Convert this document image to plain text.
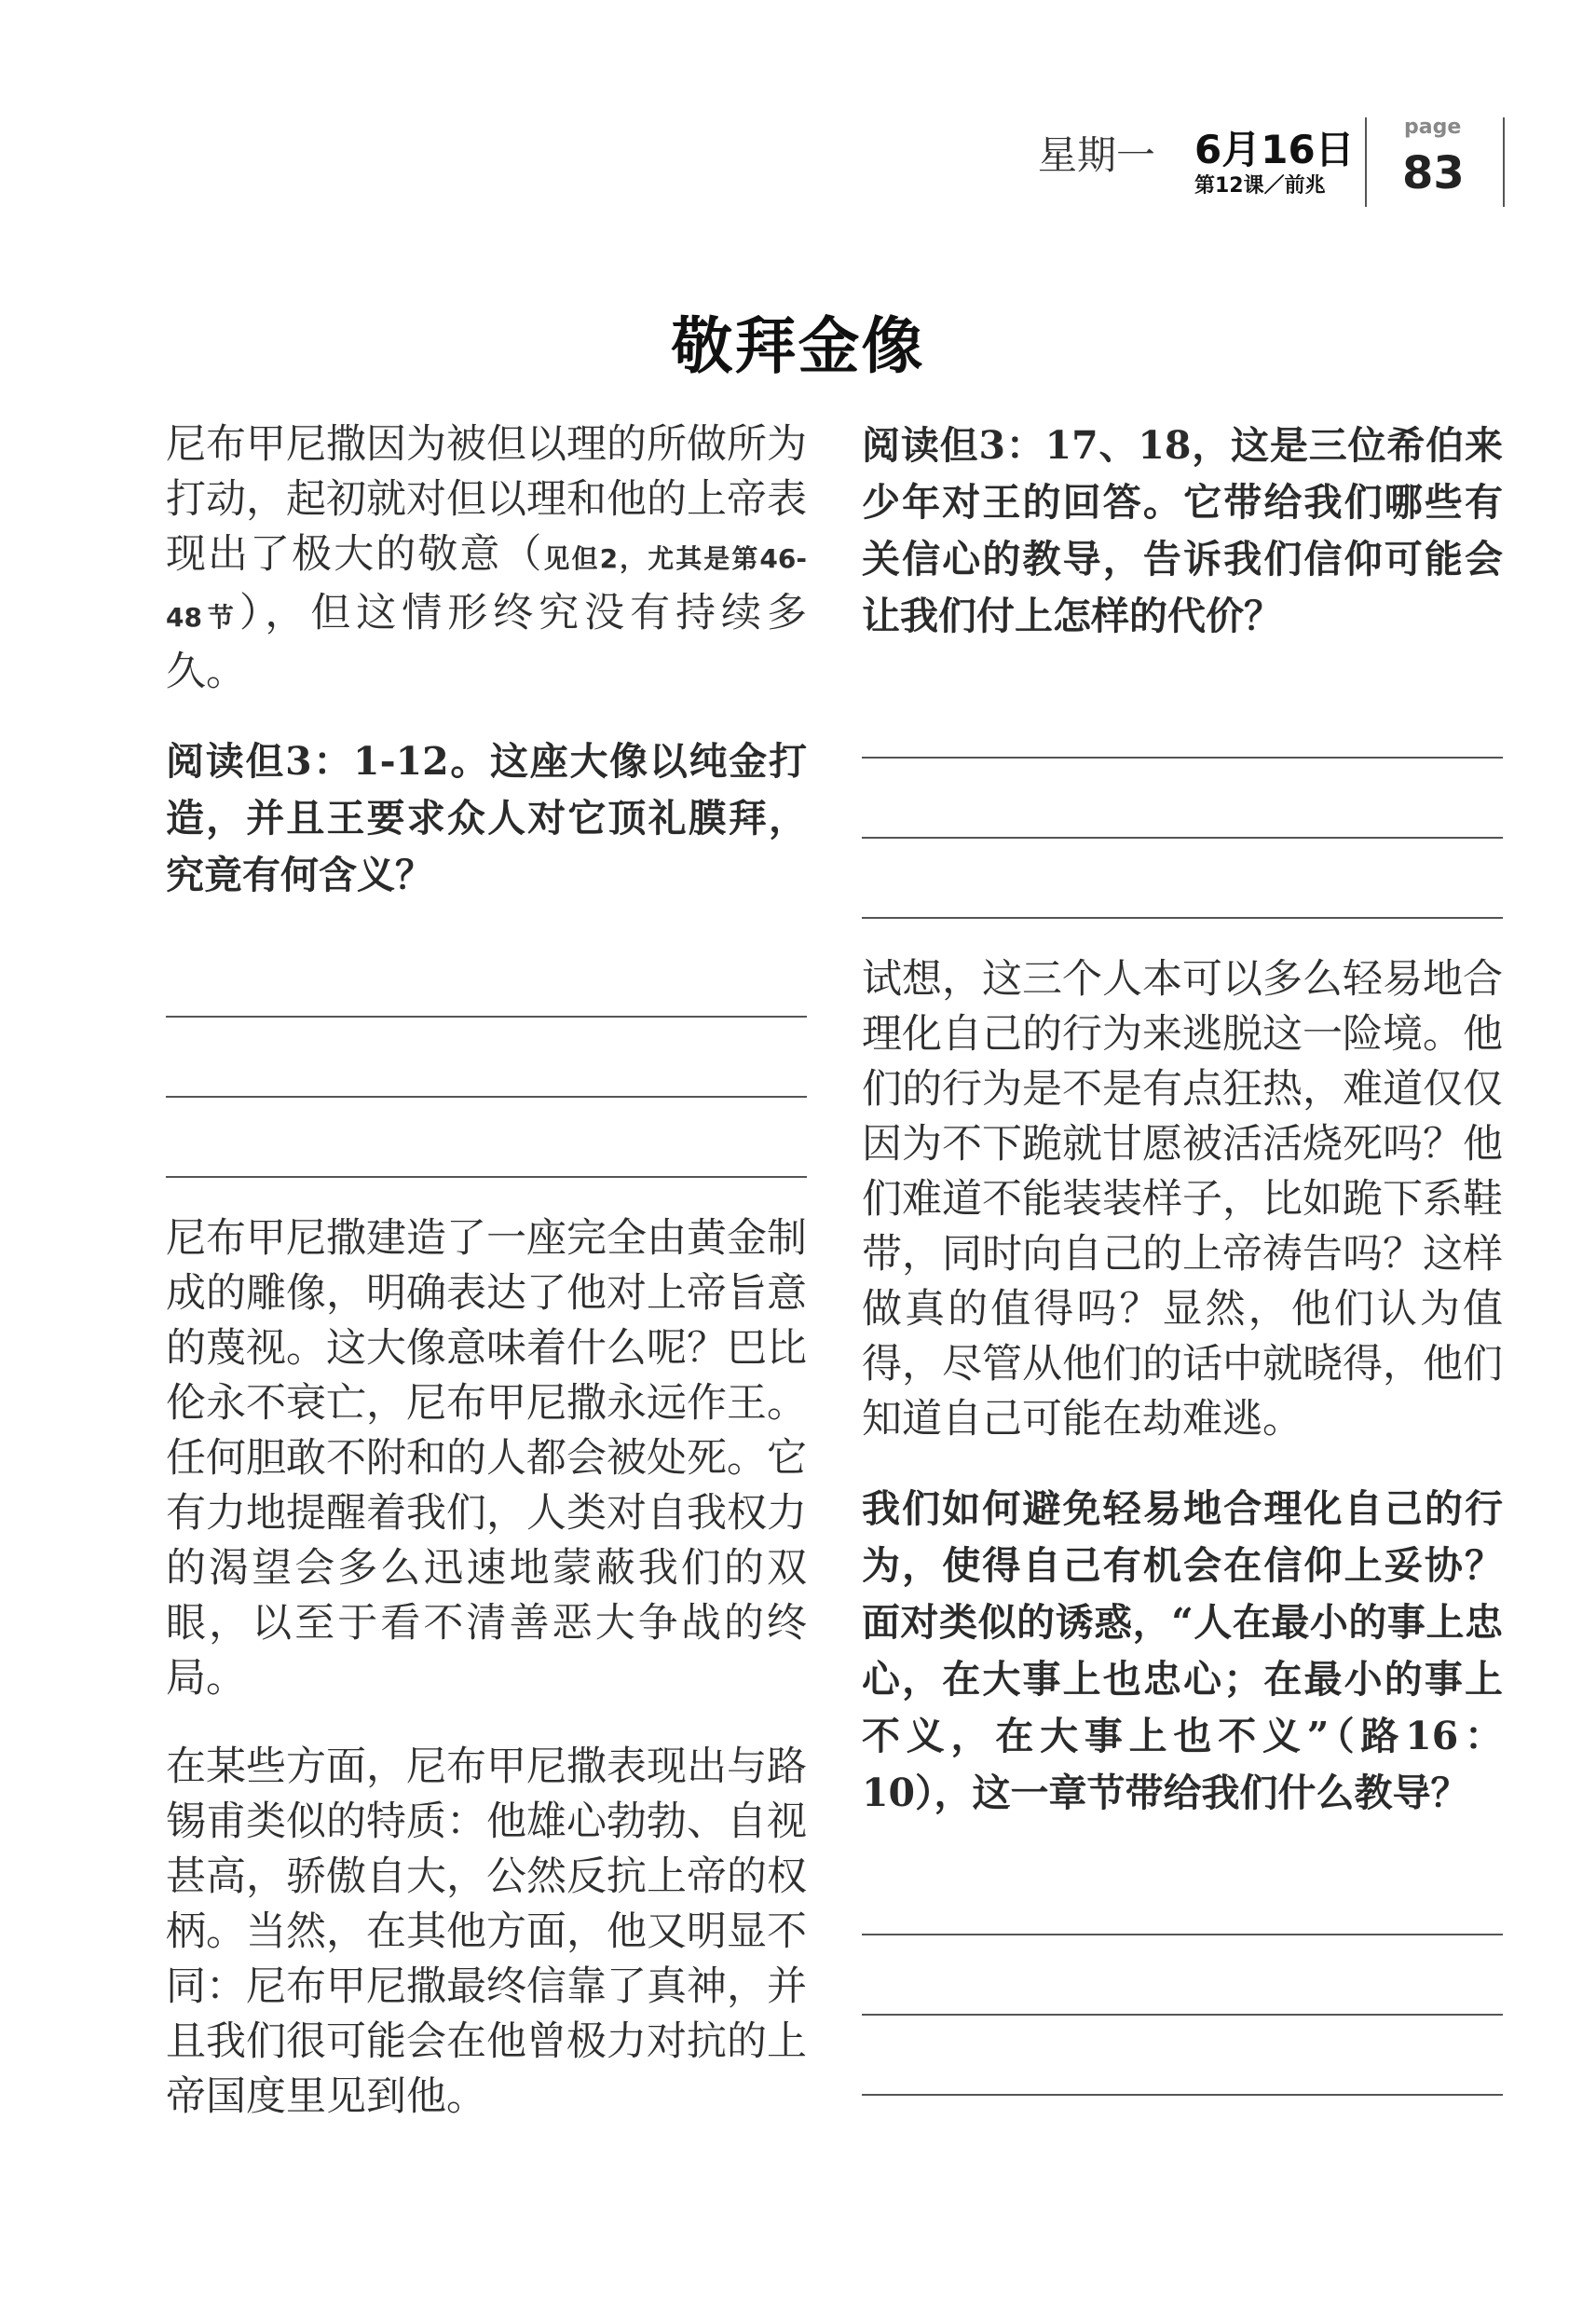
星期一 6月16日
第12课／前兆
page
83
敬拜金像

尼布甲尼撒因为被但以理的所做所为打动，起初就对但以理和他的上帝表现出了极大的敬意（见但2，尤其是第46-48节），但这情形终究没有持续多久。

阅读但3：1-12。这座大像以纯金打造，并且王要求众人对它顶礼膜拜，究竟有何含义？

尼布甲尼撒建造了一座完全由黄金制成的雕像，明确表达了他对上帝旨意的蔑视。这大像意味着什么呢？巴比伦永不衰亡，尼布甲尼撒永远作王。任何胆敢不附和的人都会被处死。它有力地提醒着我们，人类对自我权力的渴望会多么迅速地蒙蔽我们的双眼，以至于看不清善恶大争战的终局。

在某些方面，尼布甲尼撒表现出与路锡甫类似的特质：他雄心勃勃、自视甚高，骄傲自大，公然反抗上帝的权柄。当然，在其他方面，他又明显不同：尼布甲尼撒最终信靠了真神，并且我们很可能会在他曾极力对抗的上帝国度里见到他。

阅读但3：17、18，这是三位希伯来少年对王的回答。它带给我们哪些有关信心的教导，告诉我们信仰可能会让我们付上怎样的代价？

试想，这三个人本可以多么轻易地合理化自己的行为来逃脱这一险境。他们的行为是不是有点狂热，难道仅仅因为不下跪就甘愿被活活烧死吗？他们难道不能装装样子，比如跪下系鞋带，同时向自己的上帝祷告吗？这样做真的值得吗？显然，他们认为值得，尽管从他们的话中就晓得，他们知道自己可能在劫难逃。

我们如何避免轻易地合理化自己的行为，使得自己有机会在信仰上妥协？面对类似的诱惑，“人在最小的事上忠心，在大事上也忠心；在最小的事上不义，在大事上也不义”（路16：10），这一章节带给我们什么教导？
